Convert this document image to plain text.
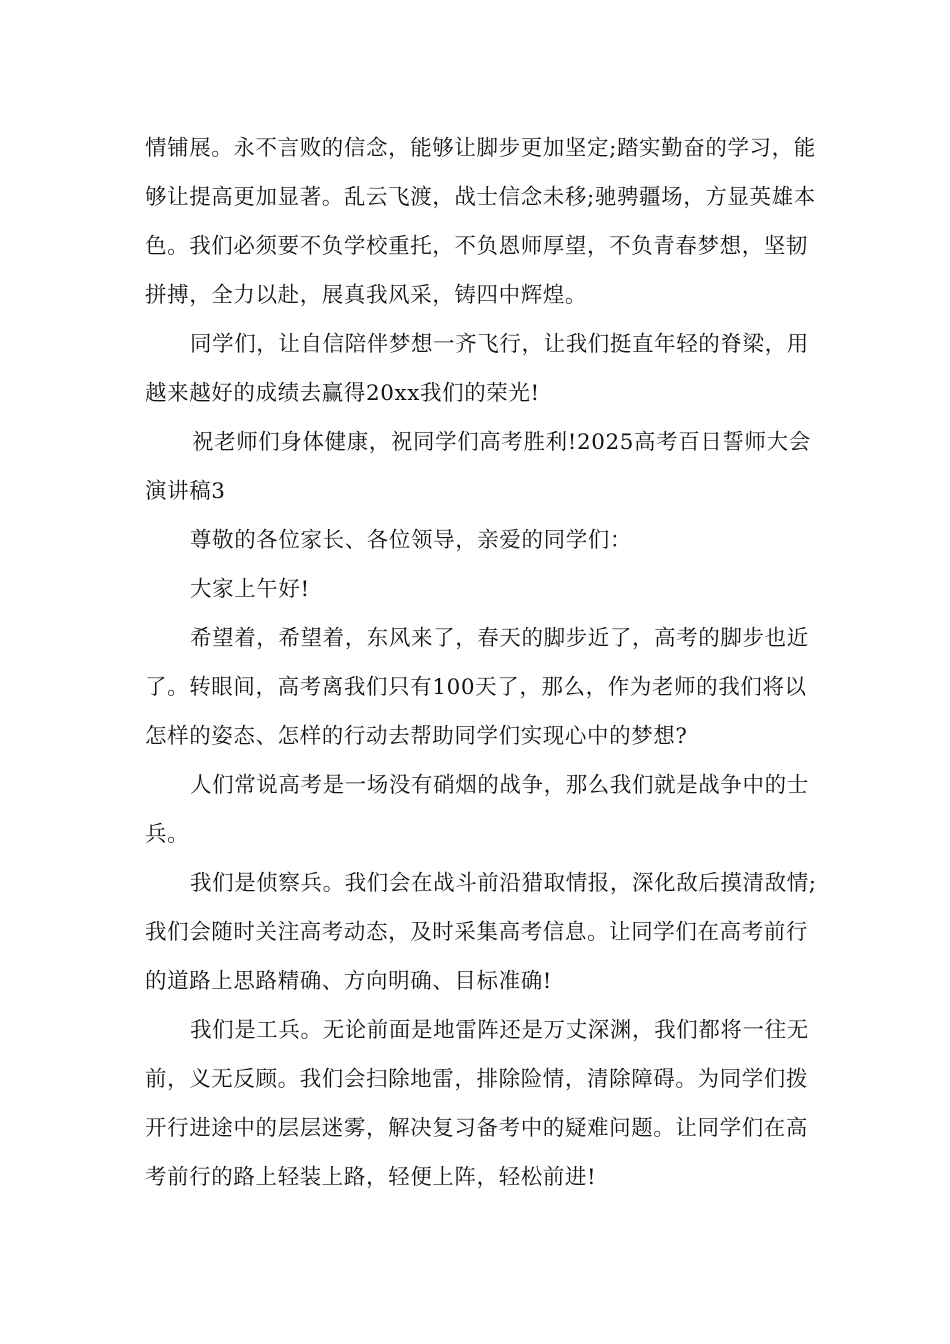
情铺展。永不言败的信念，能够让脚步更加坚定;踏实勤奋的学习，能够让提高更加显著。乱云飞渡，战士信念未移;驰骋疆场，方显英雄本色。我们必须要不负学校重托，不负恩师厚望，不负青春梦想，坚韧拼搏，全力以赴，展真我风采，铸四中辉煌。

同学们，让自信陪伴梦想一齐飞行，让我们挺直年轻的脊梁，用越来越好的成绩去赢得20xx我们的荣光!

祝老师们身体健康，祝同学们高考胜利!2025高考百日誓师大会演讲稿3

尊敬的各位家长、各位领导，亲爱的同学们：

大家上午好!

希望着，希望着，东风来了，春天的脚步近了，高考的脚步也近了。转眼间，高考离我们只有100天了，那么，作为老师的我们将以怎样的姿态、怎样的行动去帮助同学们实现心中的梦想?

人们常说高考是一场没有硝烟的战争，那么我们就是战争中的士兵。

我们是侦察兵。我们会在战斗前沿猎取情报，深化敌后摸清敌情;我们会随时关注高考动态，及时采集高考信息。让同学们在高考前行的道路上思路精确、方向明确、目标准确!

我们是工兵。无论前面是地雷阵还是万丈深渊，我们都将一往无前，义无反顾。我们会扫除地雷，排除险情，清除障碍。为同学们拨开行进途中的层层迷雾，解决复习备考中的疑难问题。让同学们在高考前行的路上轻装上路，轻便上阵，轻松前进!
